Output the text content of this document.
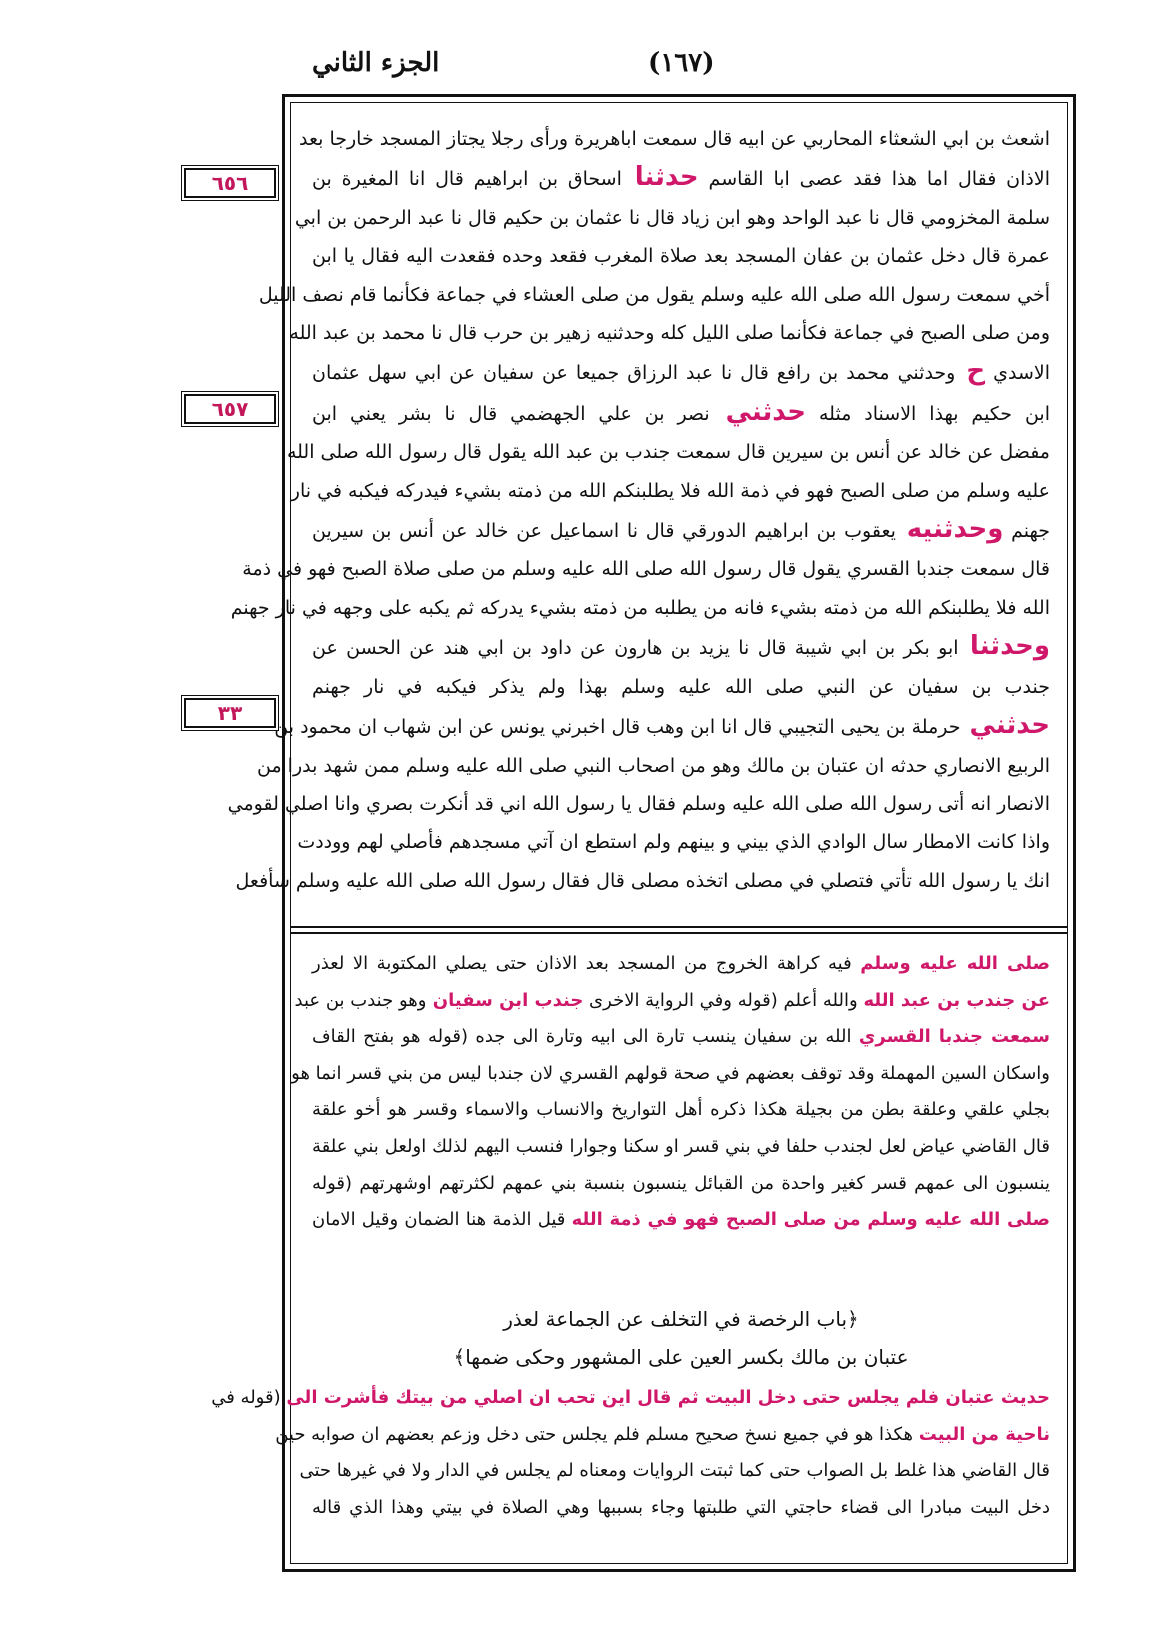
الجزء الثاني	(١٦٧)
٦٥٦
٦٥٧
٣٣
اشعث بن ابي الشعثاء المحاربي عن ابيه قال سمعت اباهريرة ورأى رجلا يجتاز المسجد خارجا بعد
الاذان فقال اما هذا فقد عصى ابا القاسم حدثنا اسحاق بن ابراهيم قال انا المغيرة بن
سلمة المخزومي قال نا عبد الواحد وهو ابن زياد قال نا عثمان بن حكيم قال نا عبد الرحمن بن ابي
عمرة قال دخل عثمان بن عفان المسجد بعد صلاة المغرب فقعد وحده فقعدت اليه فقال يا ابن
أخي سمعت رسول الله صلى الله عليه وسلم يقول من صلى العشاء في جماعة فكأنما قام نصف الليل
ومن صلى الصبح في جماعة فكأنما صلى الليل كله وحدثنيه زهير بن حرب قال نا محمد بن عبد الله
الاسدي ح وحدثني محمد بن رافع قال نا عبد الرزاق جميعا عن سفيان عن ابي سهل عثمان
ابن حكيم بهذا الاسناد مثله حدثني نصر بن علي الجهضمي قال نا بشر يعني ابن
مفضل عن خالد عن أنس بن سيرين قال سمعت جندب بن عبد الله يقول قال رسول الله صلى الله
عليه وسلم من صلى الصبح فهو في ذمة الله فلا يطلبنكم الله من ذمته بشيء فيدركه فيكبه في نار
جهنم وحدثنيه يعقوب بن ابراهيم الدورقي قال نا اسماعيل عن خالد عن أنس بن سيرين
قال سمعت جندبا القسري يقول قال رسول الله صلى الله عليه وسلم من صلى صلاة الصبح فهو في ذمة
الله فلا يطلبنكم الله من ذمته بشيء فانه من يطلبه من ذمته بشيء يدركه ثم يكبه على وجهه في نار جهنم
وحدثنا ابو بكر بن ابي شيبة قال نا يزيد بن هارون عن داود بن ابي هند عن الحسن عن
جندب بن سفيان عن النبي صلى الله عليه وسلم بهذا ولم يذكر فيكبه في نار جهنم
حدثني حرملة بن يحيى التجيبي قال انا ابن وهب قال اخبرني يونس عن ابن شهاب ان محمود بن
الربيع الانصاري حدثه ان عتبان بن مالك وهو من اصحاب النبي صلى الله عليه وسلم ممن شهد بدرا من
الانصار انه أتى رسول الله صلى الله عليه وسلم فقال يا رسول الله اني قد أنكرت بصري وانا اصلي لقومي
واذا كانت الامطار سال الوادي الذي بيني و بينهم ولم استطع ان آتي مسجدهم فأصلي لهم ووددت
انك يا رسول الله تأتي فتصلي في مصلى اتخذه مصلى قال فقال رسول الله صلى الله عليه وسلم سأفعل
صلى الله عليه وسلم فيه كراهة الخروج من المسجد بعد الاذان حتى يصلي المكتوبة الا لعذر
عن جندب بن عبد الله والله أعلم (قوله وفي الرواية الاخرى جندب ابن سفيان وهو جندب بن عبد
سمعت جندبا القسري الله بن سفيان ينسب تارة الى ابيه وتارة الى جده (قوله هو بفتح القاف
واسكان السين المهملة وقد توقف بعضهم في صحة قولهم القسري لان جندبا ليس من بني قسر انما هو
بجلي علقي وعلقة بطن من بجيلة هكذا ذكره أهل التواريخ والانساب والاسماء وقسر هو أخو علقة
قال القاضي عياض لعل لجندب حلفا في بني قسر او سكنا وجوارا فنسب اليهم لذلك اولعل بني علقة
ينسبون الى عمهم قسر كغير واحدة من القبائل ينسبون بنسبة بني عمهم لكثرتهم اوشهرتهم (قوله
صلى الله عليه وسلم من صلى الصبح فهو في ذمة الله قيل الذمة هنا الضمان وقيل الامان
﴿باب الرخصة في التخلف عن الجماعة لعذر
عتبان بن مالك بكسر العين على المشهور وحكى ضمها﴾
حديث عتبان فلم يجلس حتى دخل البيت ثم قال اين تحب ان اصلي من بيتك فأشرت الى (قوله في
ناحية من البيت هكذا هو في جميع نسخ صحيح مسلم فلم يجلس حتى دخل وزعم بعضهم ان صوابه حين
قال القاضي هذا غلط بل الصواب حتى كما ثبتت الروايات ومعناه لم يجلس في الدار ولا في غيرها حتى
دخل البيت مبادرا الى قضاء حاجتي التي طلبتها وجاء بسببها وهي الصلاة في بيتي وهذا الذي قاله
